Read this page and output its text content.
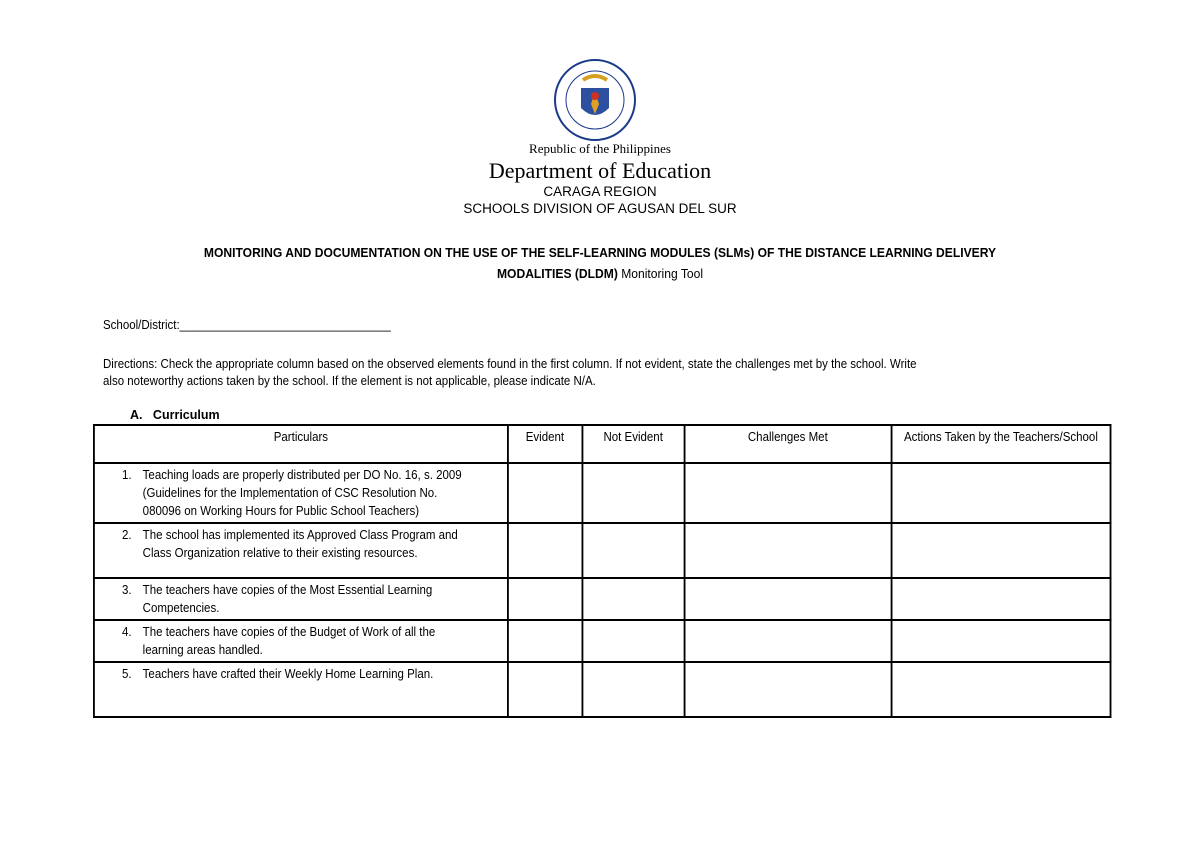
Republic of the Philippines
Department of Education
CARAGA REGION
SCHOOLS DIVISION OF AGUSAN DEL SUR
MONITORING AND DOCUMENTATION ON THE USE OF THE SELF-LEARNING MODULES (SLMs) OF THE DISTANCE LEARNING DELIVERY
MODALITIES (DLDM) Monitoring Tool
School/District:_________________________________
Directions: Check the appropriate column based on the observed elements found in the first column. If not evident, state the challenges met by the school. Write
also noteworthy actions taken by the school. If the element is not applicable, please indicate N/A.
A. Curriculum
Particulars	Evident	Not Evident	Challenges Met	Actions Taken by the Teachers/School
1. Teaching loads are properly distributed per DO No. 16, s. 2009 (Guidelines for the Implementation of CSC Resolution No. 080096 on Working Hours for Public School Teachers)				
2. The school has implemented its Approved Class Program and Class Organization relative to their existing resources.				
3. The teachers have copies of the Most Essential Learning Competencies.				
4. The teachers have copies of the Budget of Work of all the learning areas handled.				
5. Teachers have crafted their Weekly Home Learning Plan.				
